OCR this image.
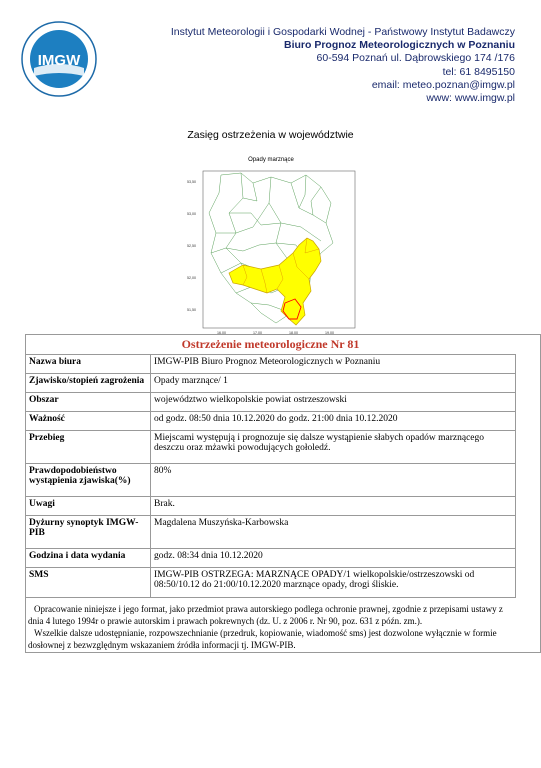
IMGW
Instytut Meteorologii i Gospodarki Wodnej - Państwowy Instytut Badawczy
Biuro Prognoz Meteorologicznych w Poznaniu
60-594 Poznań ul. Dąbrowskiego 174 /176
tel: 61 8495150
email: meteo.poznan@imgw.pl
www: www.imgw.pl
Zasięg ostrzeżenia w województwie
Opady marznące
53,50
53,00
52,50
52,00
51,50
16,00	17,00	18,00	19,00
Ostrzeżenie meteorologiczne Nr 81
Nazwa biura	IMGW-PIB Biuro Prognoz Meteorologicznych w Poznaniu
Zjawisko/stopień zagrożenia	Opady marznące/ 1
Obszar	województwo wielkopolskie powiat ostrzeszowski
Ważność	od godz. 08:50 dnia 10.12.2020 do godz. 21:00 dnia 10.12.2020
Przebieg	Miejscami występują i prognozuje się dalsze wystąpienie słabych opadów marznącego deszczu oraz mżawki powodujących gołoledź.
Prawdopodobieństwo wystąpienia zjawiska(%)	80%
Uwagi	Brak.
Dyżurny synoptyk IMGW-PIB	Magdalena Muszyńska-Karbowska
Godzina i data wydania	godz. 08:34 dnia 10.12.2020
SMS	IMGW-PIB OSTRZEGA: MARZNĄCE OPADY/1 wielkopolskie/ostrzeszowski od 08:50/10.12 do 21:00/10.12.2020 marznące opady, drogi śliskie.

Opracowanie niniejsze i jego format, jako przedmiot prawa autorskiego podlega ochronie prawnej, zgodnie z przepisami ustawy z dnia 4 lutego 1994r o prawie autorskim i prawach pokrewnych (dz. U. z 2006 r. Nr 90, poz. 631 z późn. zm.).

Wszelkie dalsze udostępnianie, rozpowszechnianie (przedruk, kopiowanie, wiadomość sms) jest dozwolone wyłącznie w formie dosłownej z bezwzględnym wskazaniem źródła informacji tj. IMGW-PIB.
